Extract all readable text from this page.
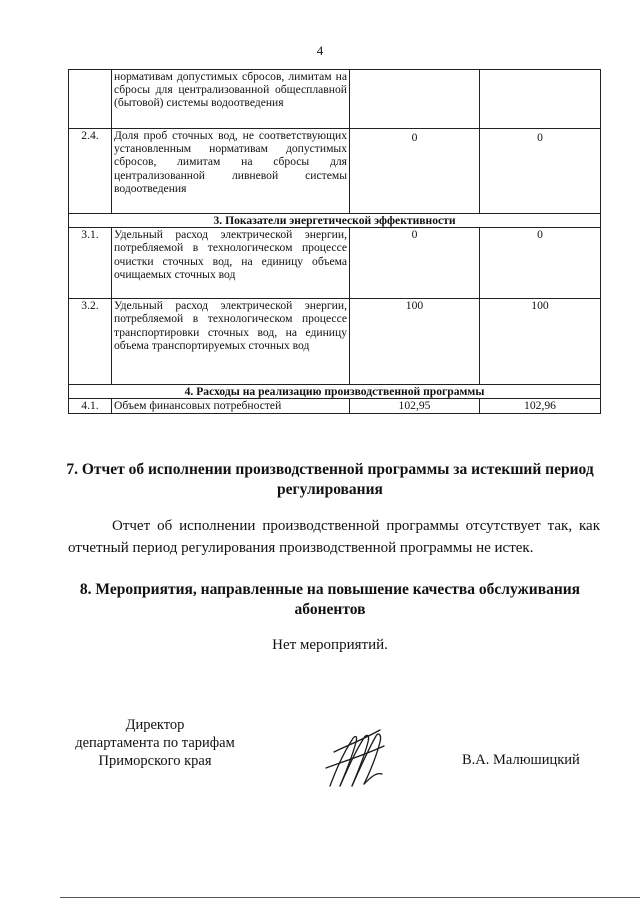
4
	нормативам допустимых сбросов, лимитам на сбросы для централизованной общесплавной (бытовой) системы водоотведения		
2.4.	Доля проб сточных вод, не соответствующих установленным нормативам допустимых сбросов, лимитам на сбросы для централизованной ливневой системы водоотведения	0	0
3. Показатели энергетической эффективности			
3.1.	Удельный расход электрической энергии, потребляемой в технологическом процессе очистки сточных вод, на единицу объема очищаемых сточных вод	0	0
3.2.	Удельный расход электрической энергии, потребляемой в технологическом процессе транспортировки сточных вод, на единицу объема транспортируемых сточных вод	100	100
4. Расходы на реализацию производственной программы			
4.1.	Объем финансовых потребностей	102,95	102,96
7. Отчет об исполнении производственной программы за истекший период регулирования
Отчет об исполнении производственной программы отсутствует так, как отчетный период регулирования производственной программы не истек.
8. Мероприятия, направленные на повышение качества обслуживания абонентов
Нет мероприятий.
Директор
департамента по тарифам
Приморского края	В.А. Малюшицкий
